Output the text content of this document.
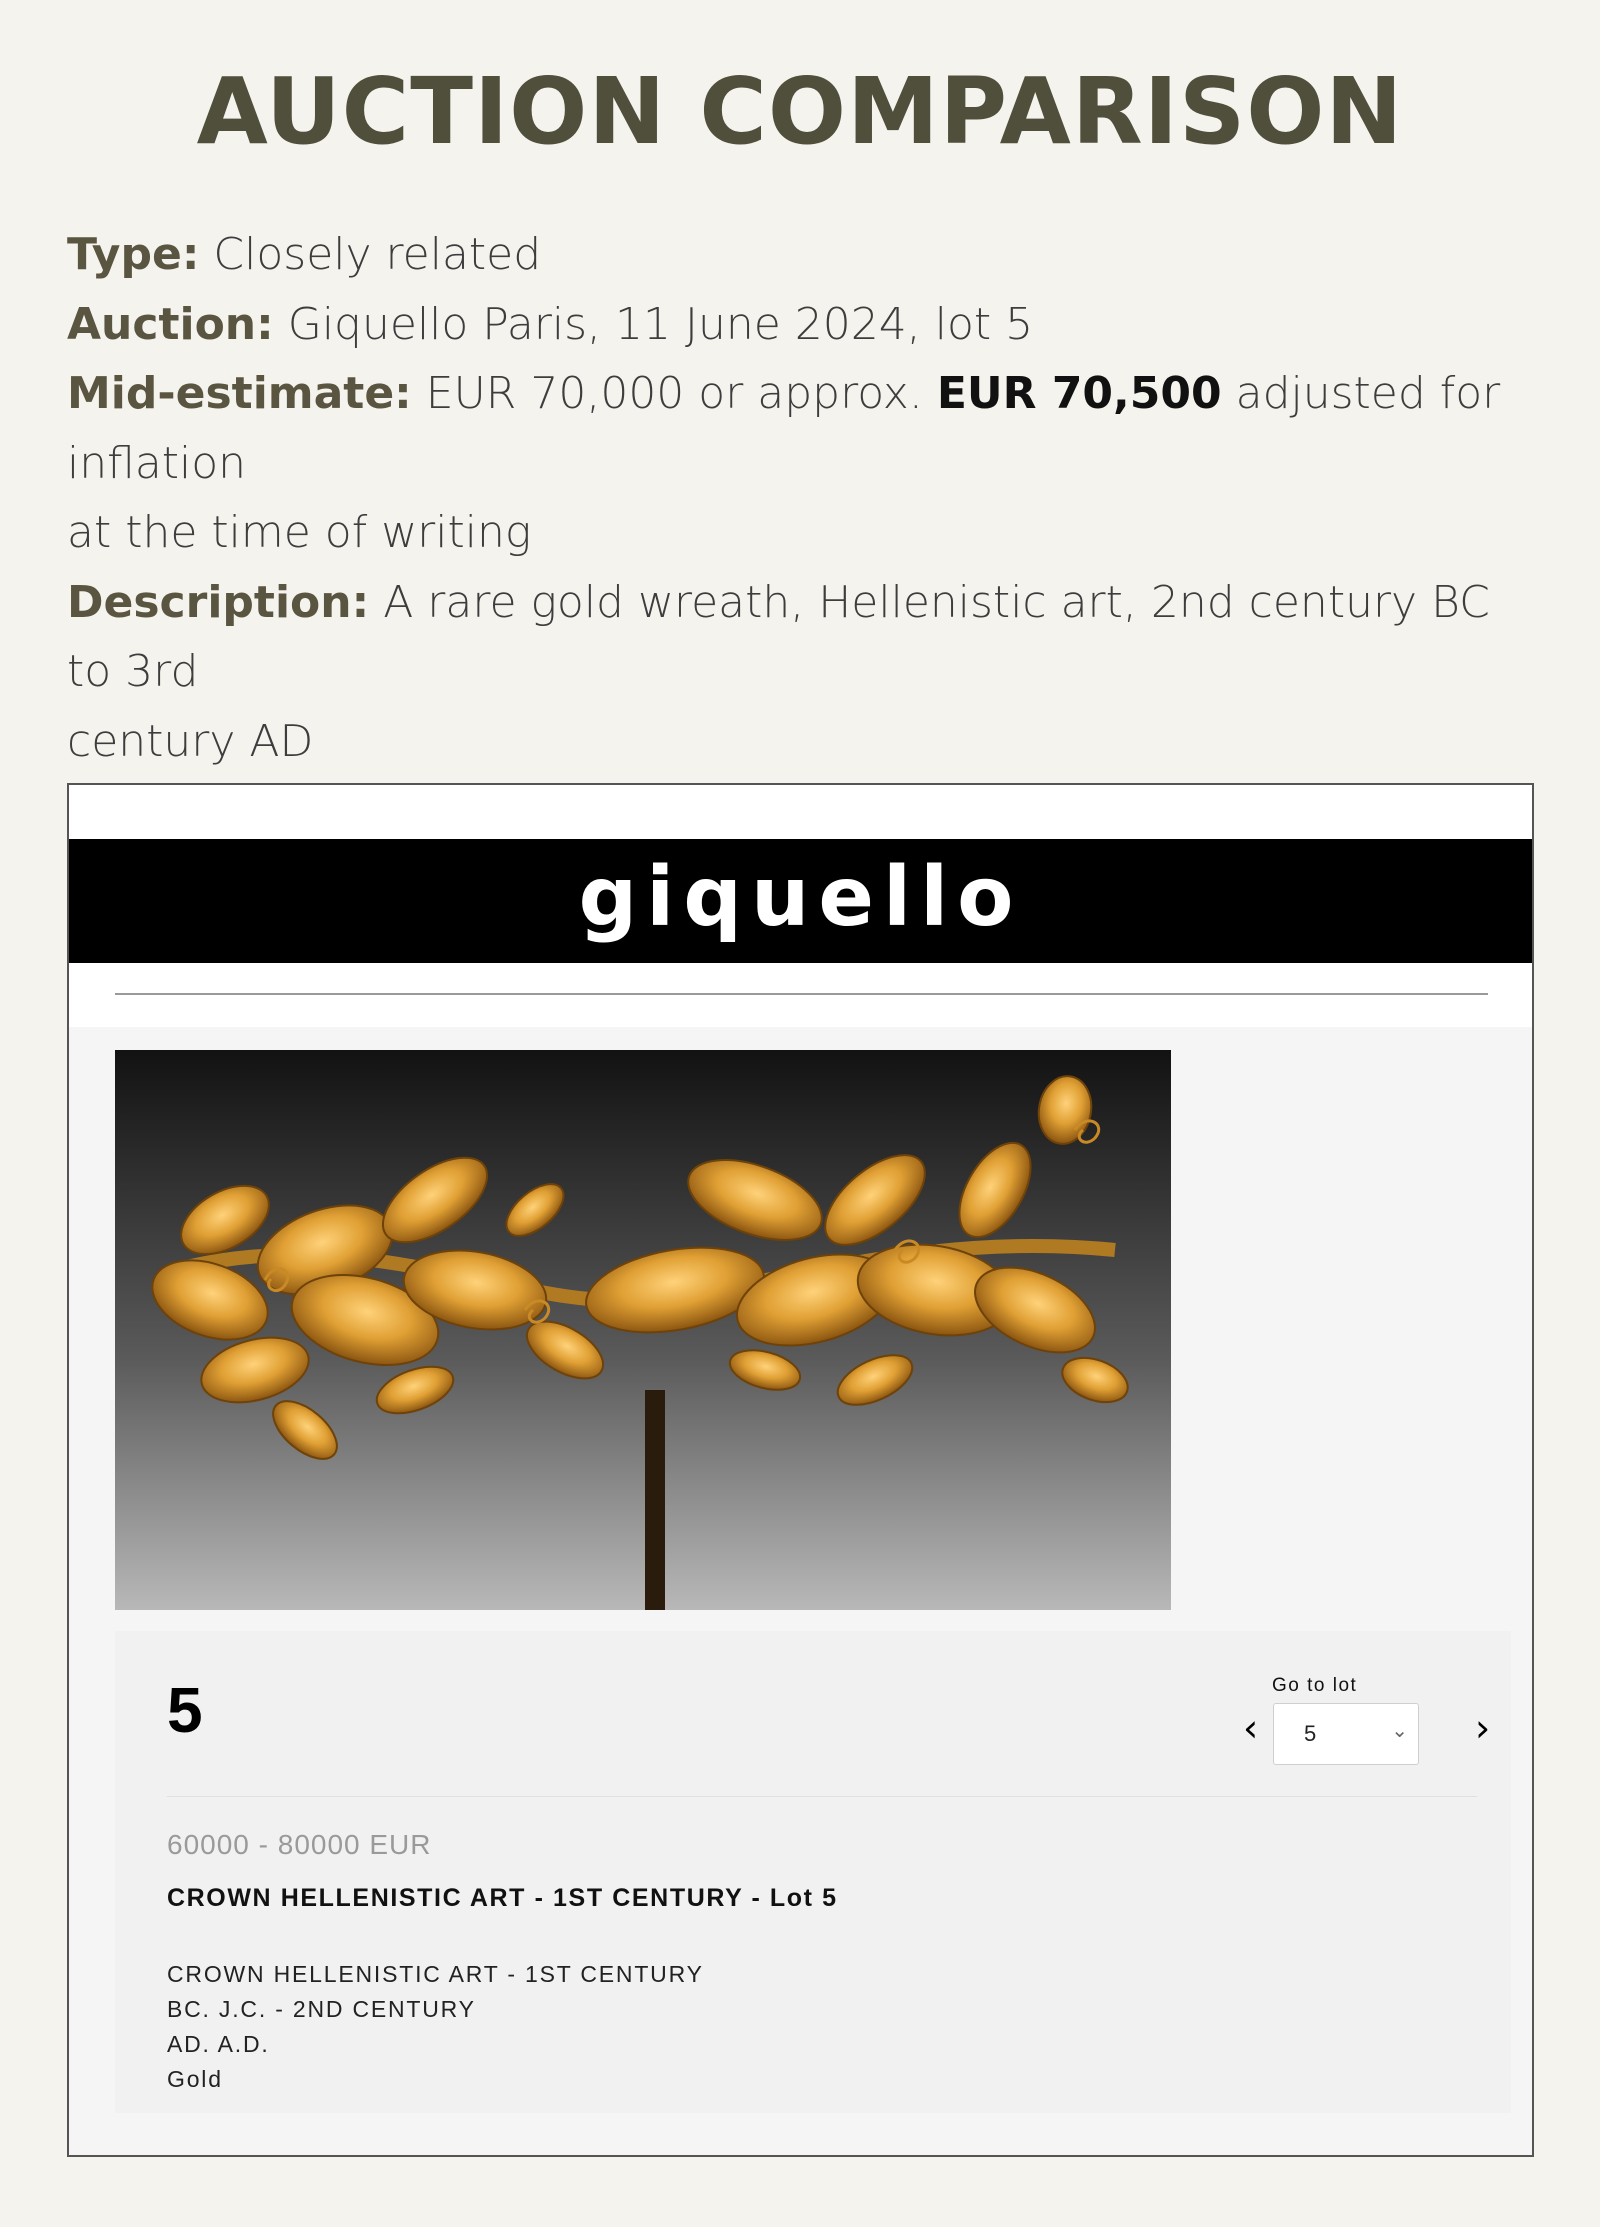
AUCTION COMPARISON
Type: Closely related
Auction: Giquello Paris, 11 June 2024, lot 5
Mid-estimate: EUR 70,000 or approx. EUR 70,500 adjusted for inflation
at the time of writing
Description: A rare gold wreath, Hellenistic art, 2nd century BC to 3rd
century AD
giquello
5	Go to lot
‹ 5	⌄ ›
60000 - 80000 EUR
CROWN HELLENISTIC ART - 1ST CENTURY - Lot 5
CROWN HELLENISTIC ART - 1ST CENTURY
BC. J.C. - 2ND CENTURY
AD. A.D.
Gold
